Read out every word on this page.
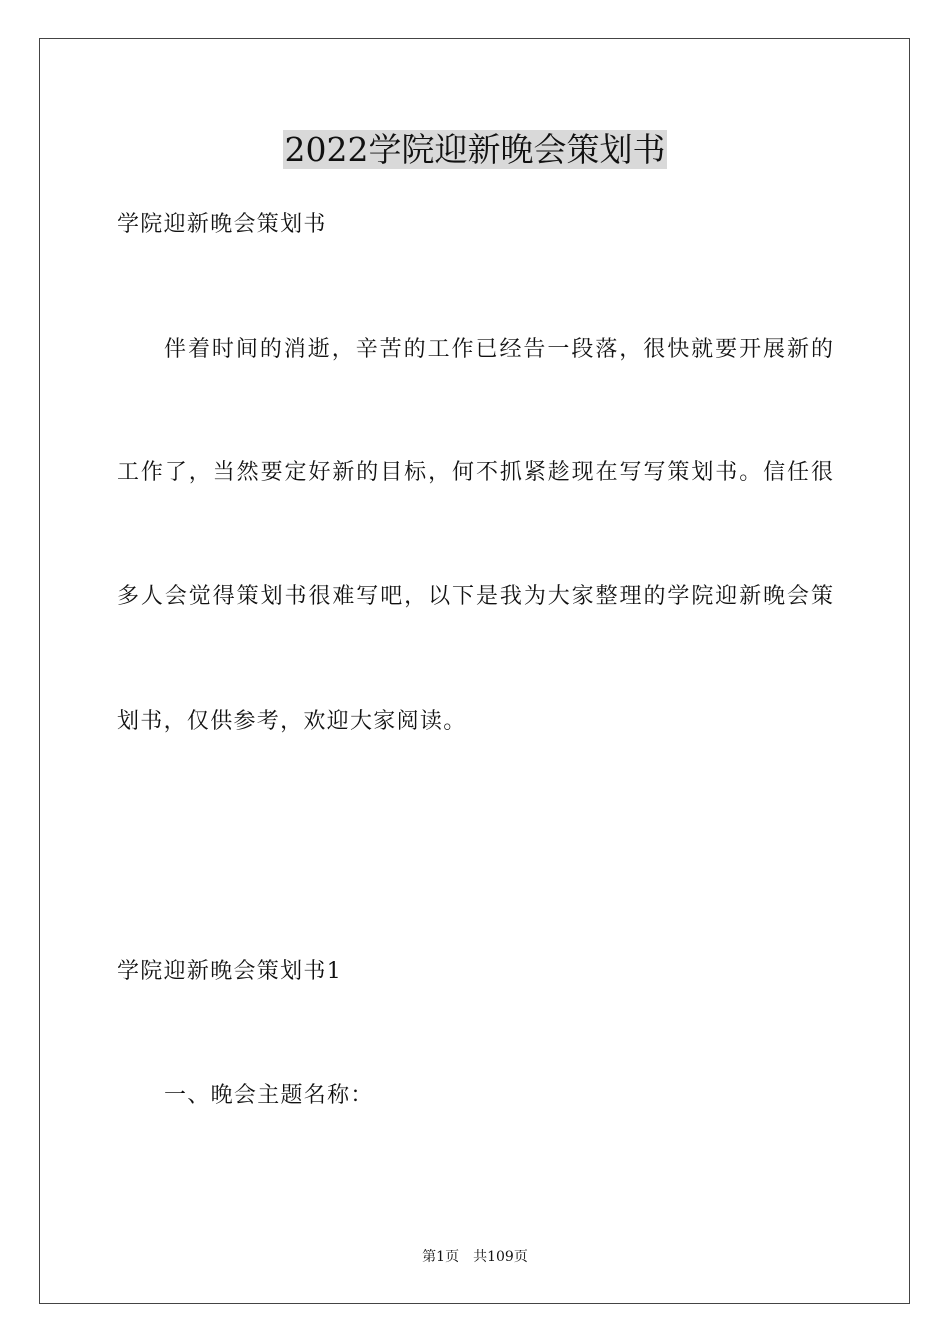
2022学院迎新晚会策划书
学院迎新晚会策划书
伴着时间的消逝，辛苦的工作已经告一段落，很快就要开展新的
工作了，当然要定好新的目标，何不抓紧趁现在写写策划书。信任很
多人会觉得策划书很难写吧，以下是我为大家整理的学院迎新晚会策
划书，仅供参考，欢迎大家阅读。
学院迎新晚会策划书1
一、晚会主题名称：
第1页 共109页
